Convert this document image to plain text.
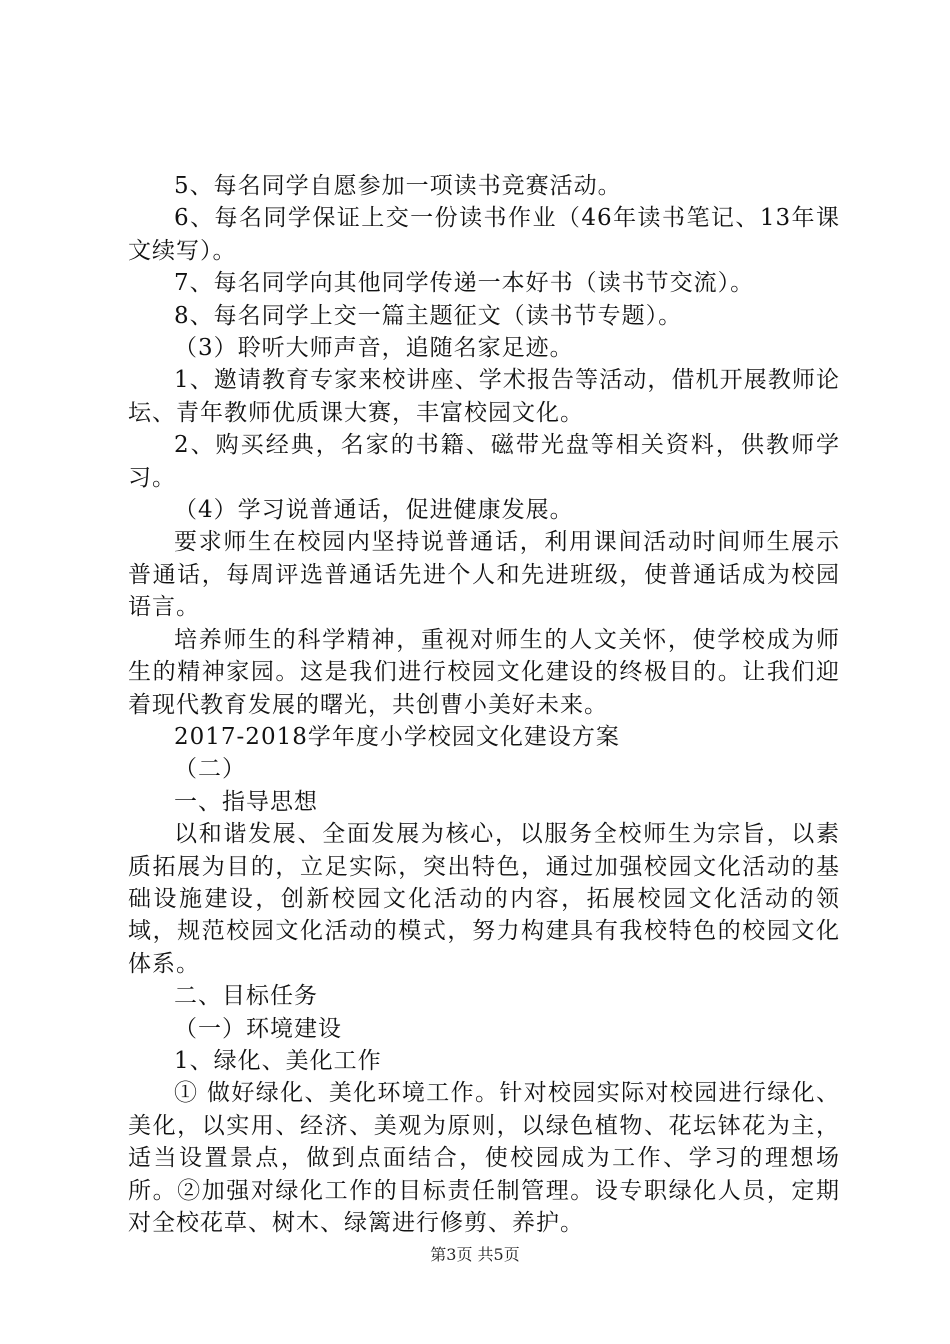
5、每名同学自愿参加一项读书竞赛活动。

6、每名同学保证上交一份读书作业（46年读书笔记、13年课文续写）。

7、每名同学向其他同学传递一本好书（读书节交流）。

8、每名同学上交一篇主题征文（读书节专题）。

（3）聆听大师声音，追随名家足迹。

1、邀请教育专家来校讲座、学术报告等活动，借机开展教师论坛、青年教师优质课大赛，丰富校园文化。

2、购买经典，名家的书籍、磁带光盘等相关资料，供教师学习。

（4）学习说普通话，促进健康发展。

要求师生在校园内坚持说普通话，利用课间活动时间师生展示普通话，每周评选普通话先进个人和先进班级，使普通话成为校园语言。

培养师生的科学精神，重视对师生的人文关怀，使学校成为师生的精神家园。这是我们进行校园文化建设的终极目的。让我们迎着现代教育发展的曙光，共创曹小美好未来。

2017-2018学年度小学校园文化建设方案

（二）

一、指导思想

以和谐发展、全面发展为核心，以服务全校师生为宗旨，以素质拓展为目的，立足实际，突出特色，通过加强校园文化活动的基础设施建设，创新校园文化活动的内容，拓展校园文化活动的领域，规范校园文化活动的模式，努力构建具有我校特色的校园文化体系。

二、目标任务

（一）环境建设

1、绿化、美化工作

① 做好绿化、美化环境工作。针对校园实际对校园进行绿化、美化，以实用、经济、美观为原则，以绿色植物、花坛钵花为主，适当设置景点，做到点面结合，使校园成为工作、学习的理想场所。②加强对绿化工作的目标责任制管理。设专职绿化人员，定期对全校花草、树木、绿篱进行修剪、养护。

第3页 共5页
